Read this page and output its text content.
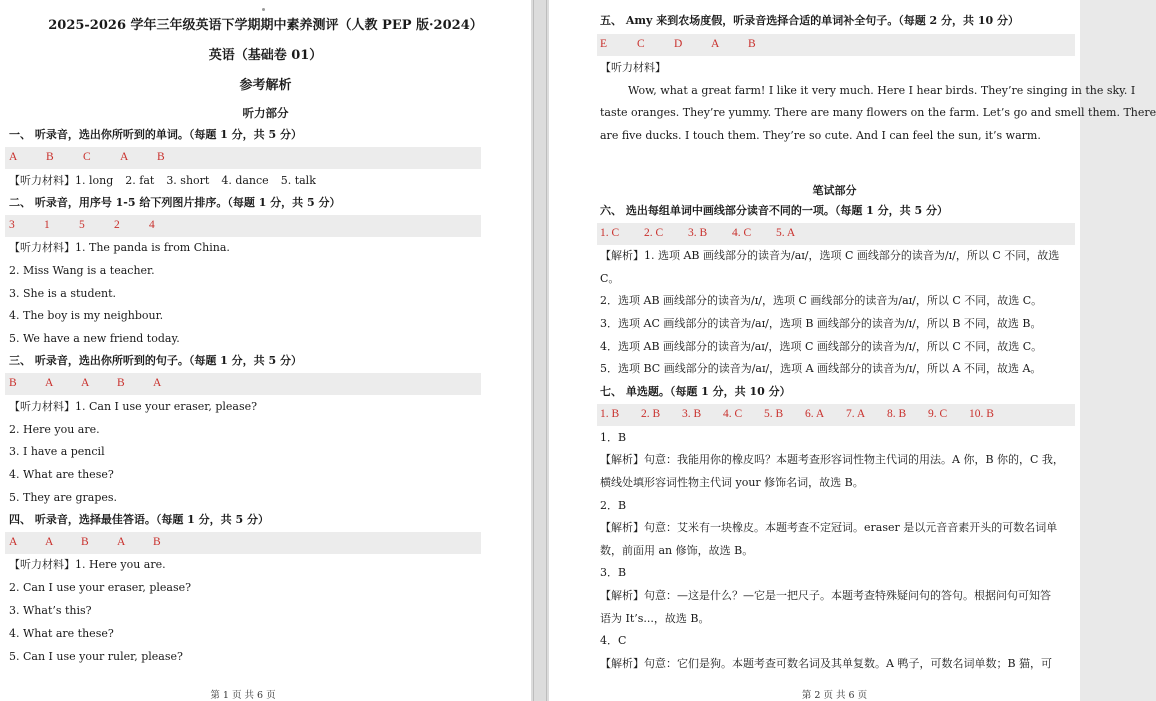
2025-2026 学年三年级英语下学期期中素养测评（人教 PEP 版·2024）
英语（基础卷 01）
参考解析
听力部分
一、 听录音，选出你所听到的单词。（每题 1 分，共 5 分）
A	B	C	A	B
【听力材料】1. long 2. fat 3. short 4. dance 5. talk
二、 听录音，用序号 1-5 给下列图片排序。（每题 1 分，共 5 分）
3	1	5	2	4
【听力材料】1. The panda is from China.
2. Miss Wang is a teacher.
3. She is a student.
4. The boy is my neighbour.
5. We have a new friend today.
三、 听录音，选出你所听到的句子。（每题 1 分，共 5 分）
B	A	A	B	A
【听力材料】1. Can I use your eraser, please?
2. Here you are.
3. I have a pencil
4. What are these?
5. They are grapes.
四、 听录音，选择最佳答语。（每题 1 分，共 5 分）
A	A	B	A	B
【听力材料】1. Here you are.
2. Can I use your eraser, please?
3. What’s this?
4. What are these?
5. Can I use your ruler, please?
第 1 页 共 6 页
五、 Amy 来到农场度假，听录音选择合适的单词补全句子。（每题 2 分，共 10 分）
E	C	D	A	B
【听力材料】
Wow, what a great farm! I like it very much. Here I hear birds. They’re singing in the sky. I
taste oranges. They’re yummy. There are many flowers on the farm. Let’s go and smell them. There
are five ducks. I touch them. They’re so cute. And I can feel the sun, it’s warm.
笔试部分
六、 选出每组单词中画线部分读音不同的一项。（每题 1 分，共 5 分）
1. C	2. C	3. B	4. C	5. A
【解析】1. 选项 AB 画线部分的读音为/aɪ/，选项 C 画线部分的读音为/ɪ/，所以 C 不同，故选
C。
2．选项 AB 画线部分的读音为/ɪ/，选项 C 画线部分的读音为/aɪ/，所以 C 不同，故选 C。
3．选项 AC 画线部分的读音为/aɪ/，选项 B 画线部分的读音为/ɪ/，所以 B 不同，故选 B。
4．选项 AB 画线部分的读音为/aɪ/，选项 C 画线部分的读音为/ɪ/，所以 C 不同，故选 C。
5．选项 BC 画线部分的读音为/aɪ/，选项 A 画线部分的读音为/ɪ/，所以 A 不同，故选 A。
七、 单选题。（每题 1 分，共 10 分）
1. B	2. B	3. B	4. C	5. B	6. A	7. A	8. B	9. C	10. B
1．B
【解析】句意：我能用你的橡皮吗？本题考查形容词性物主代词的用法。A 你，B 你的，C 我，
横线处填形容词性物主代词 your 修饰名词，故选 B。
2．B
【解析】句意：艾米有一块橡皮。本题考查不定冠词。eraser 是以元音音素开头的可数名词单
数，前面用 an 修饰，故选 B。
3．B
【解析】句意：—这是什么？—它是一把尺子。本题考查特殊疑问句的答句。根据问句可知答
语为 It’s...，故选 B。
4．C
【解析】句意：它们是狗。本题考查可数名词及其单复数。A 鸭子，可数名词单数；B 猫，可
第 2 页 共 6 页
